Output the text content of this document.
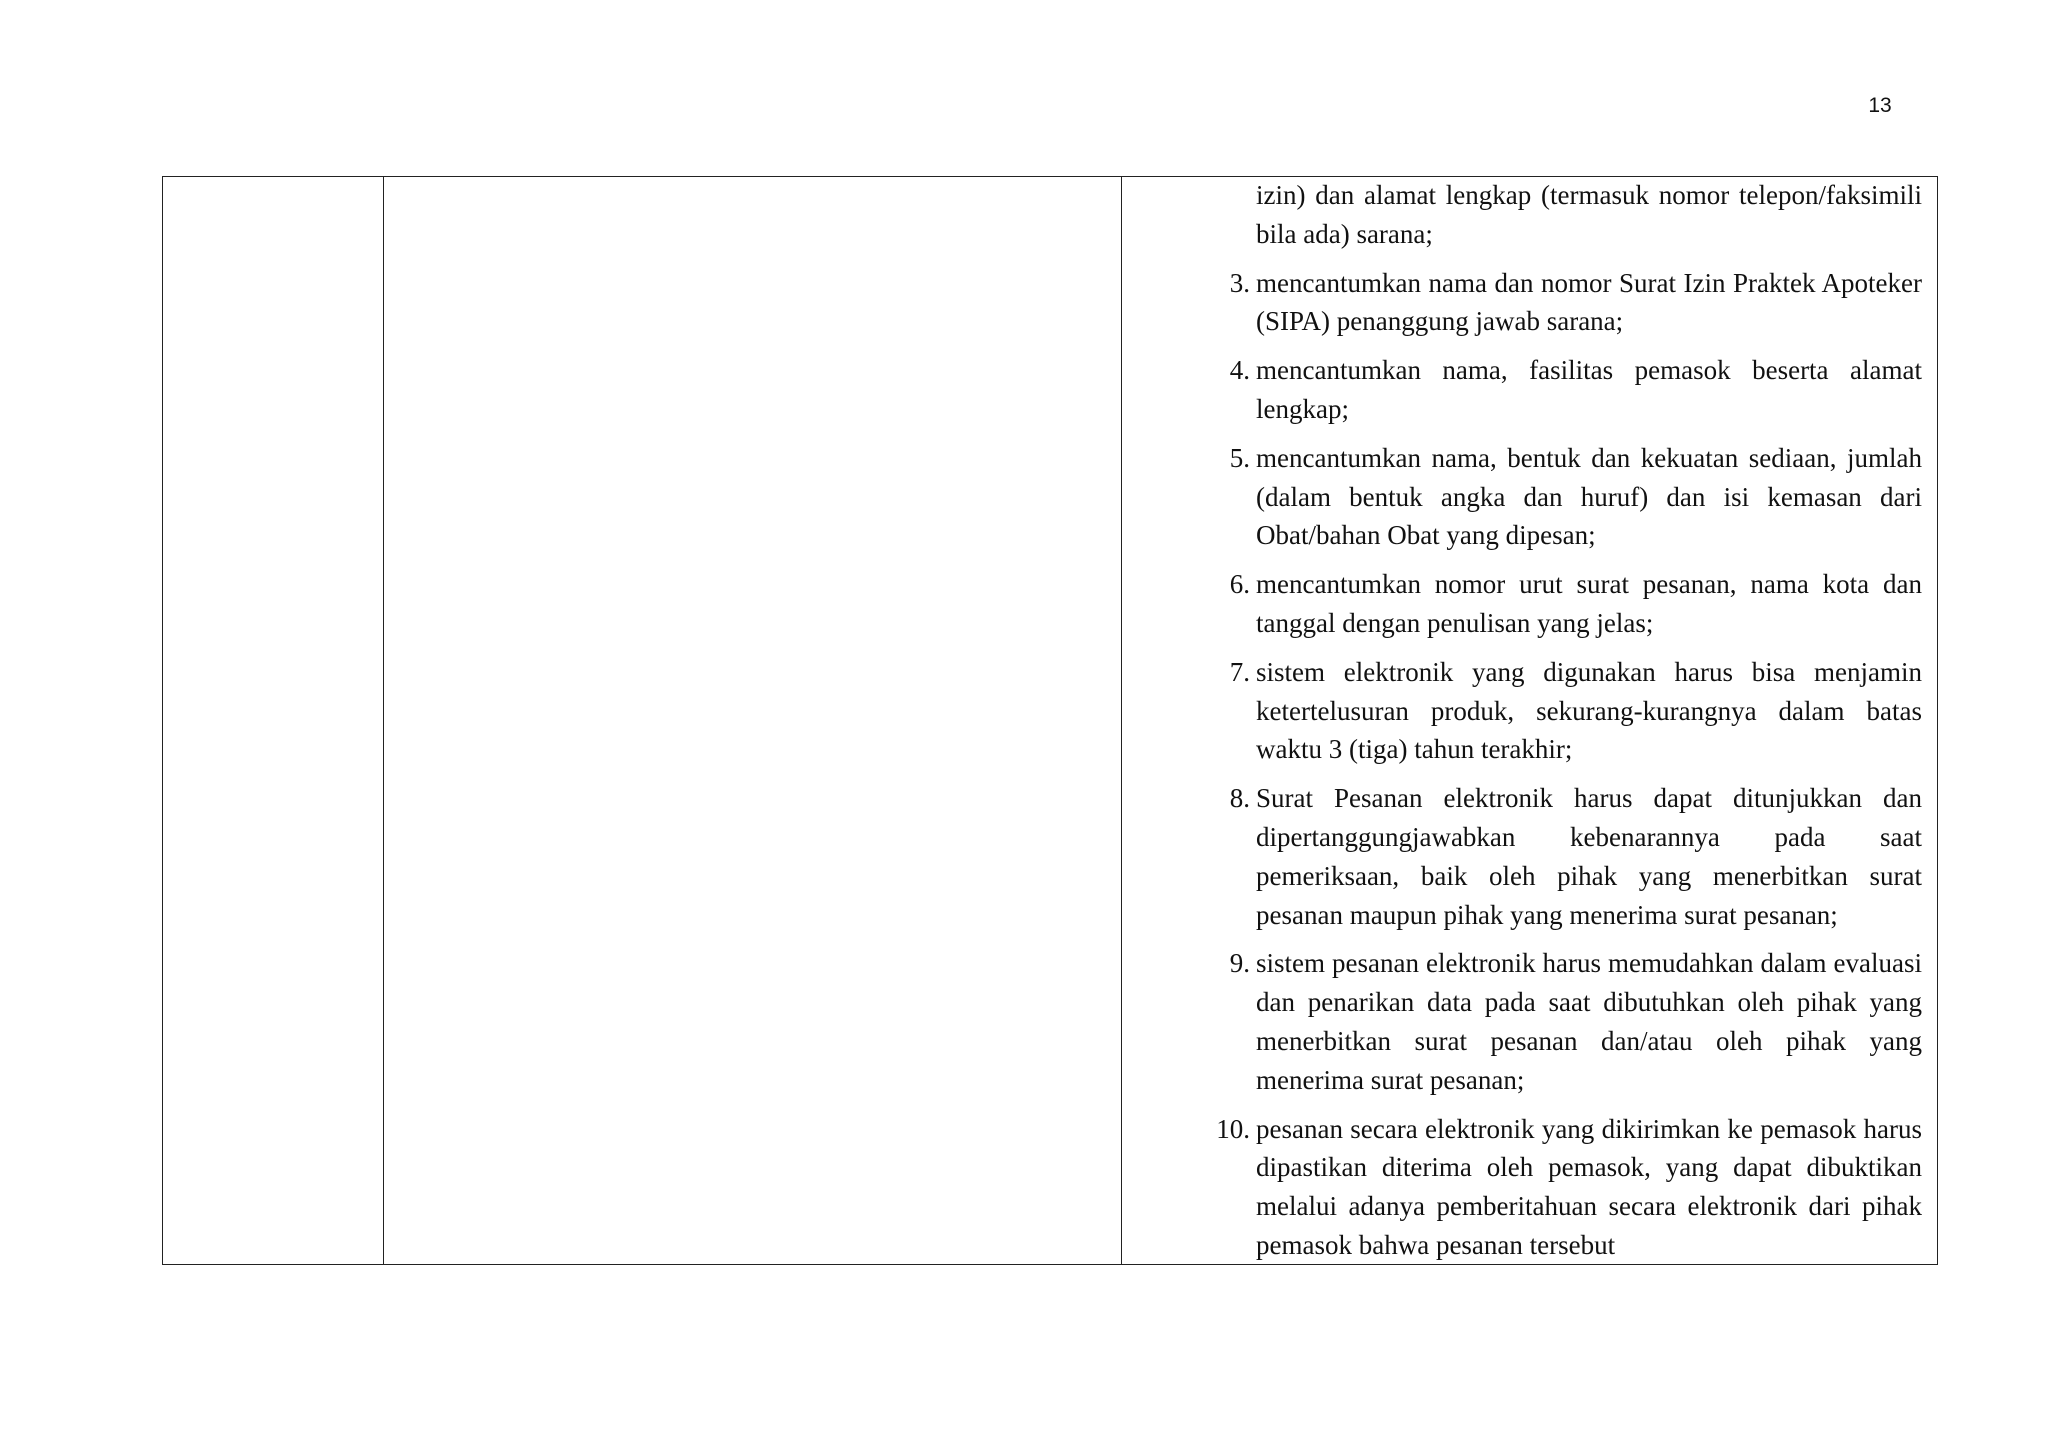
13
izin) dan alamat lengkap (termasuk nomor telepon/faksimili bila ada) sarana;
3. mencantumkan nama dan nomor Surat Izin Praktek Apoteker (SIPA) penanggung jawab sarana;
4. mencantumkan nama, fasilitas pemasok beserta alamat lengkap;
5. mencantumkan nama, bentuk dan kekuatan sediaan, jumlah (dalam bentuk angka dan huruf) dan isi kemasan dari Obat/bahan Obat yang dipesan;
6. mencantumkan nomor urut surat pesanan, nama kota dan tanggal dengan penulisan yang jelas;
7. sistem elektronik yang digunakan harus bisa menjamin ketertelusuran produk, sekurang-kurangnya dalam batas waktu 3 (tiga) tahun terakhir;
8. Surat Pesanan elektronik harus dapat ditunjukkan dan dipertanggungjawabkan kebenarannya pada saat pemeriksaan, baik oleh pihak yang menerbitkan surat pesanan maupun pihak yang menerima surat pesanan;
9. sistem pesanan elektronik harus memudahkan dalam evaluasi dan penarikan data pada saat dibutuhkan oleh pihak yang menerbitkan surat pesanan dan/atau oleh pihak yang menerima surat pesanan;
10. pesanan secara elektronik yang dikirimkan ke pemasok harus dipastikan diterima oleh pemasok, yang dapat dibuktikan melalui adanya pemberitahuan secara elektronik dari pihak pemasok bahwa pesanan tersebut
